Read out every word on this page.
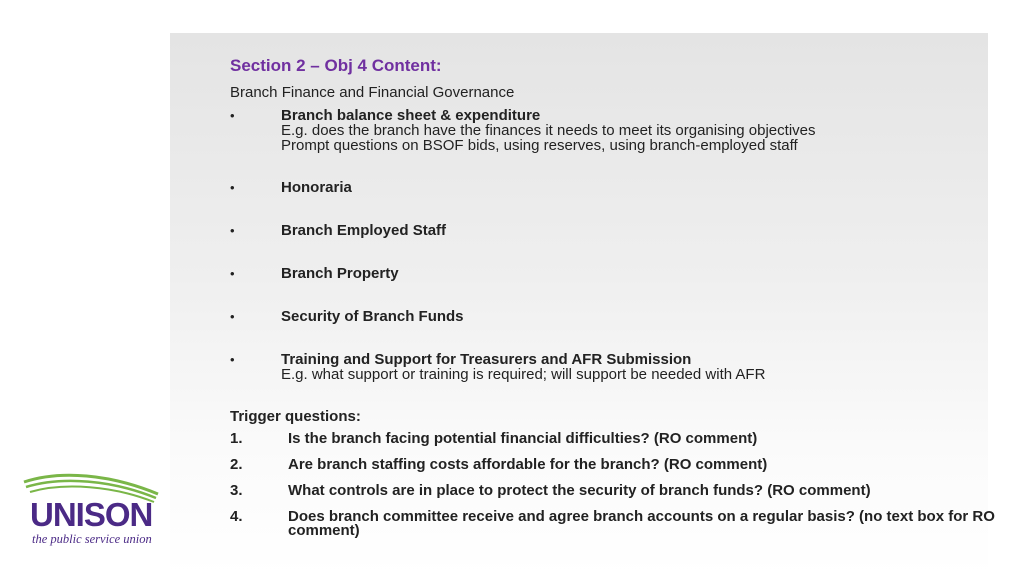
Section 2 – Obj 4 Content:
Branch Finance and Financial Governance
•	Branch balance sheet & expenditure
E.g. does the branch have the finances it needs to meet its organising objectives
Prompt questions on BSOF bids, using reserves, using branch-employed staff
•	Honoraria
•	Branch Employed Staff
•	Branch Property
•	Security of Branch Funds
•	Training and Support for Treasurers and AFR Submission
E.g. what support or training is required; will support be needed with AFR
Trigger questions:
1.	Is the branch facing potential financial difficulties? (RO comment)
2.	Are branch staffing costs affordable for the branch? (RO comment)
3.	What controls are in place to protect the security of branch funds? (RO comment)
4.	Does branch committee receive and agree branch accounts on a regular basis? (no text box for RO comment)
UNISON
the public service union
